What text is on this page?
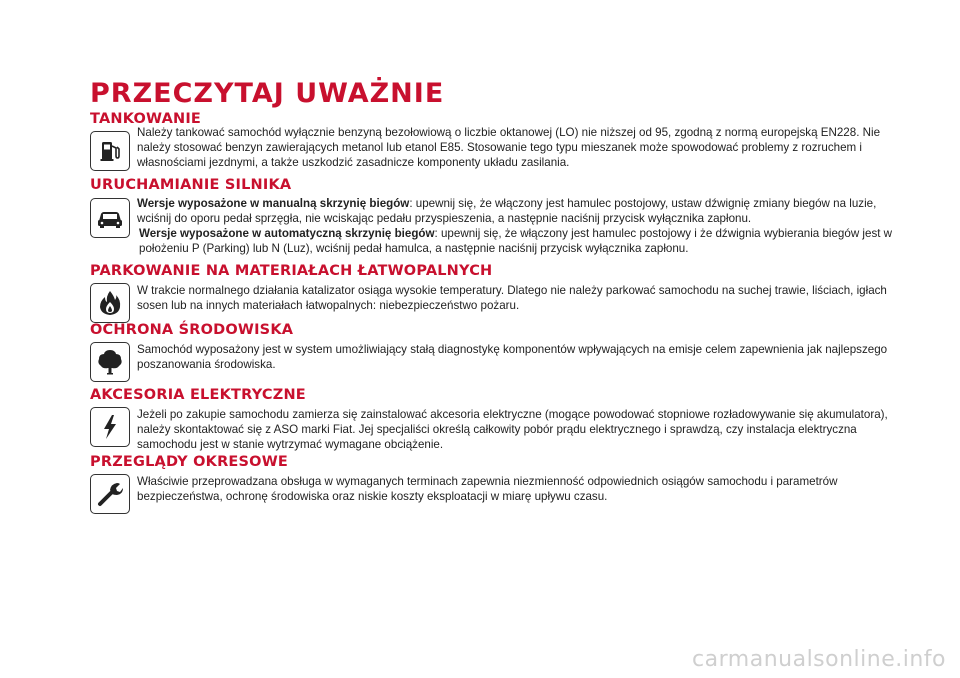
PRZECZYTAJ UWAŻNIE
TANKOWANIE

Należy tankować samochód wyłącznie benzyną bezołowiową o liczbie oktanowej (LO) nie niższej od 95, zgodną z normą europejską EN228. Nie należy stosować benzyn zawierających metanol lub etanol E85. Stosowanie tego typu mieszanek może spowodować problemy z rozruchem i własnościami jezdnymi, a także uszkodzić zasadnicze komponenty układu zasilania.

URUCHAMIANIE SILNIKA

Wersje wyposażone w manualną skrzynię biegów: upewnij się, że włączony jest hamulec postojowy, ustaw dźwignię zmiany biegów na luzie, wciśnij do oporu pedał sprzęgła, nie wciskając pedału przyspieszenia, a następnie naciśnij przycisk wyłącznika zapłonu.

Wersje wyposażone w automatyczną skrzynię biegów: upewnij się, że włączony jest hamulec postojowy i że dźwignia wybierania biegów jest w położeniu P (Parking) lub N (Luz), wciśnij pedał hamulca, a następnie naciśnij przycisk wyłącznika zapłonu.

PARKOWANIE NA MATERIAŁACH ŁATWOPALNYCH

W trakcie normalnego działania katalizator osiąga wysokie temperatury. Dlatego nie należy parkować samochodu na suchej trawie, liściach, igłach sosen lub na innych materiałach łatwopalnych: niebezpieczeństwo pożaru.

OCHRONA ŚRODOWISKA

Samochód wyposażony jest w system umożliwiający stałą diagnostykę komponentów wpływających na emisje celem zapewnienia jak najlepszego poszanowania środowiska.

AKCESORIA ELEKTRYCZNE

Jeżeli po zakupie samochodu zamierza się zainstalować akcesoria elektryczne (mogące powodować stopniowe rozładowywanie się akumulatora), należy skontaktować się z ASO marki Fiat. Jej specjaliści określą całkowity pobór prądu elektrycznego i sprawdzą, czy instalacja elektryczna samochodu jest w stanie wytrzymać wymagane obciążenie.

PRZEGLĄDY OKRESOWE

Właściwie przeprowadzana obsługa w wymaganych terminach zapewnia niezmienność odpowiednich osiągów samochodu i parametrów bezpieczeństwa, ochronę środowiska oraz niskie koszty eksploatacji w miarę upływu czasu.

carmanualsonline.info
